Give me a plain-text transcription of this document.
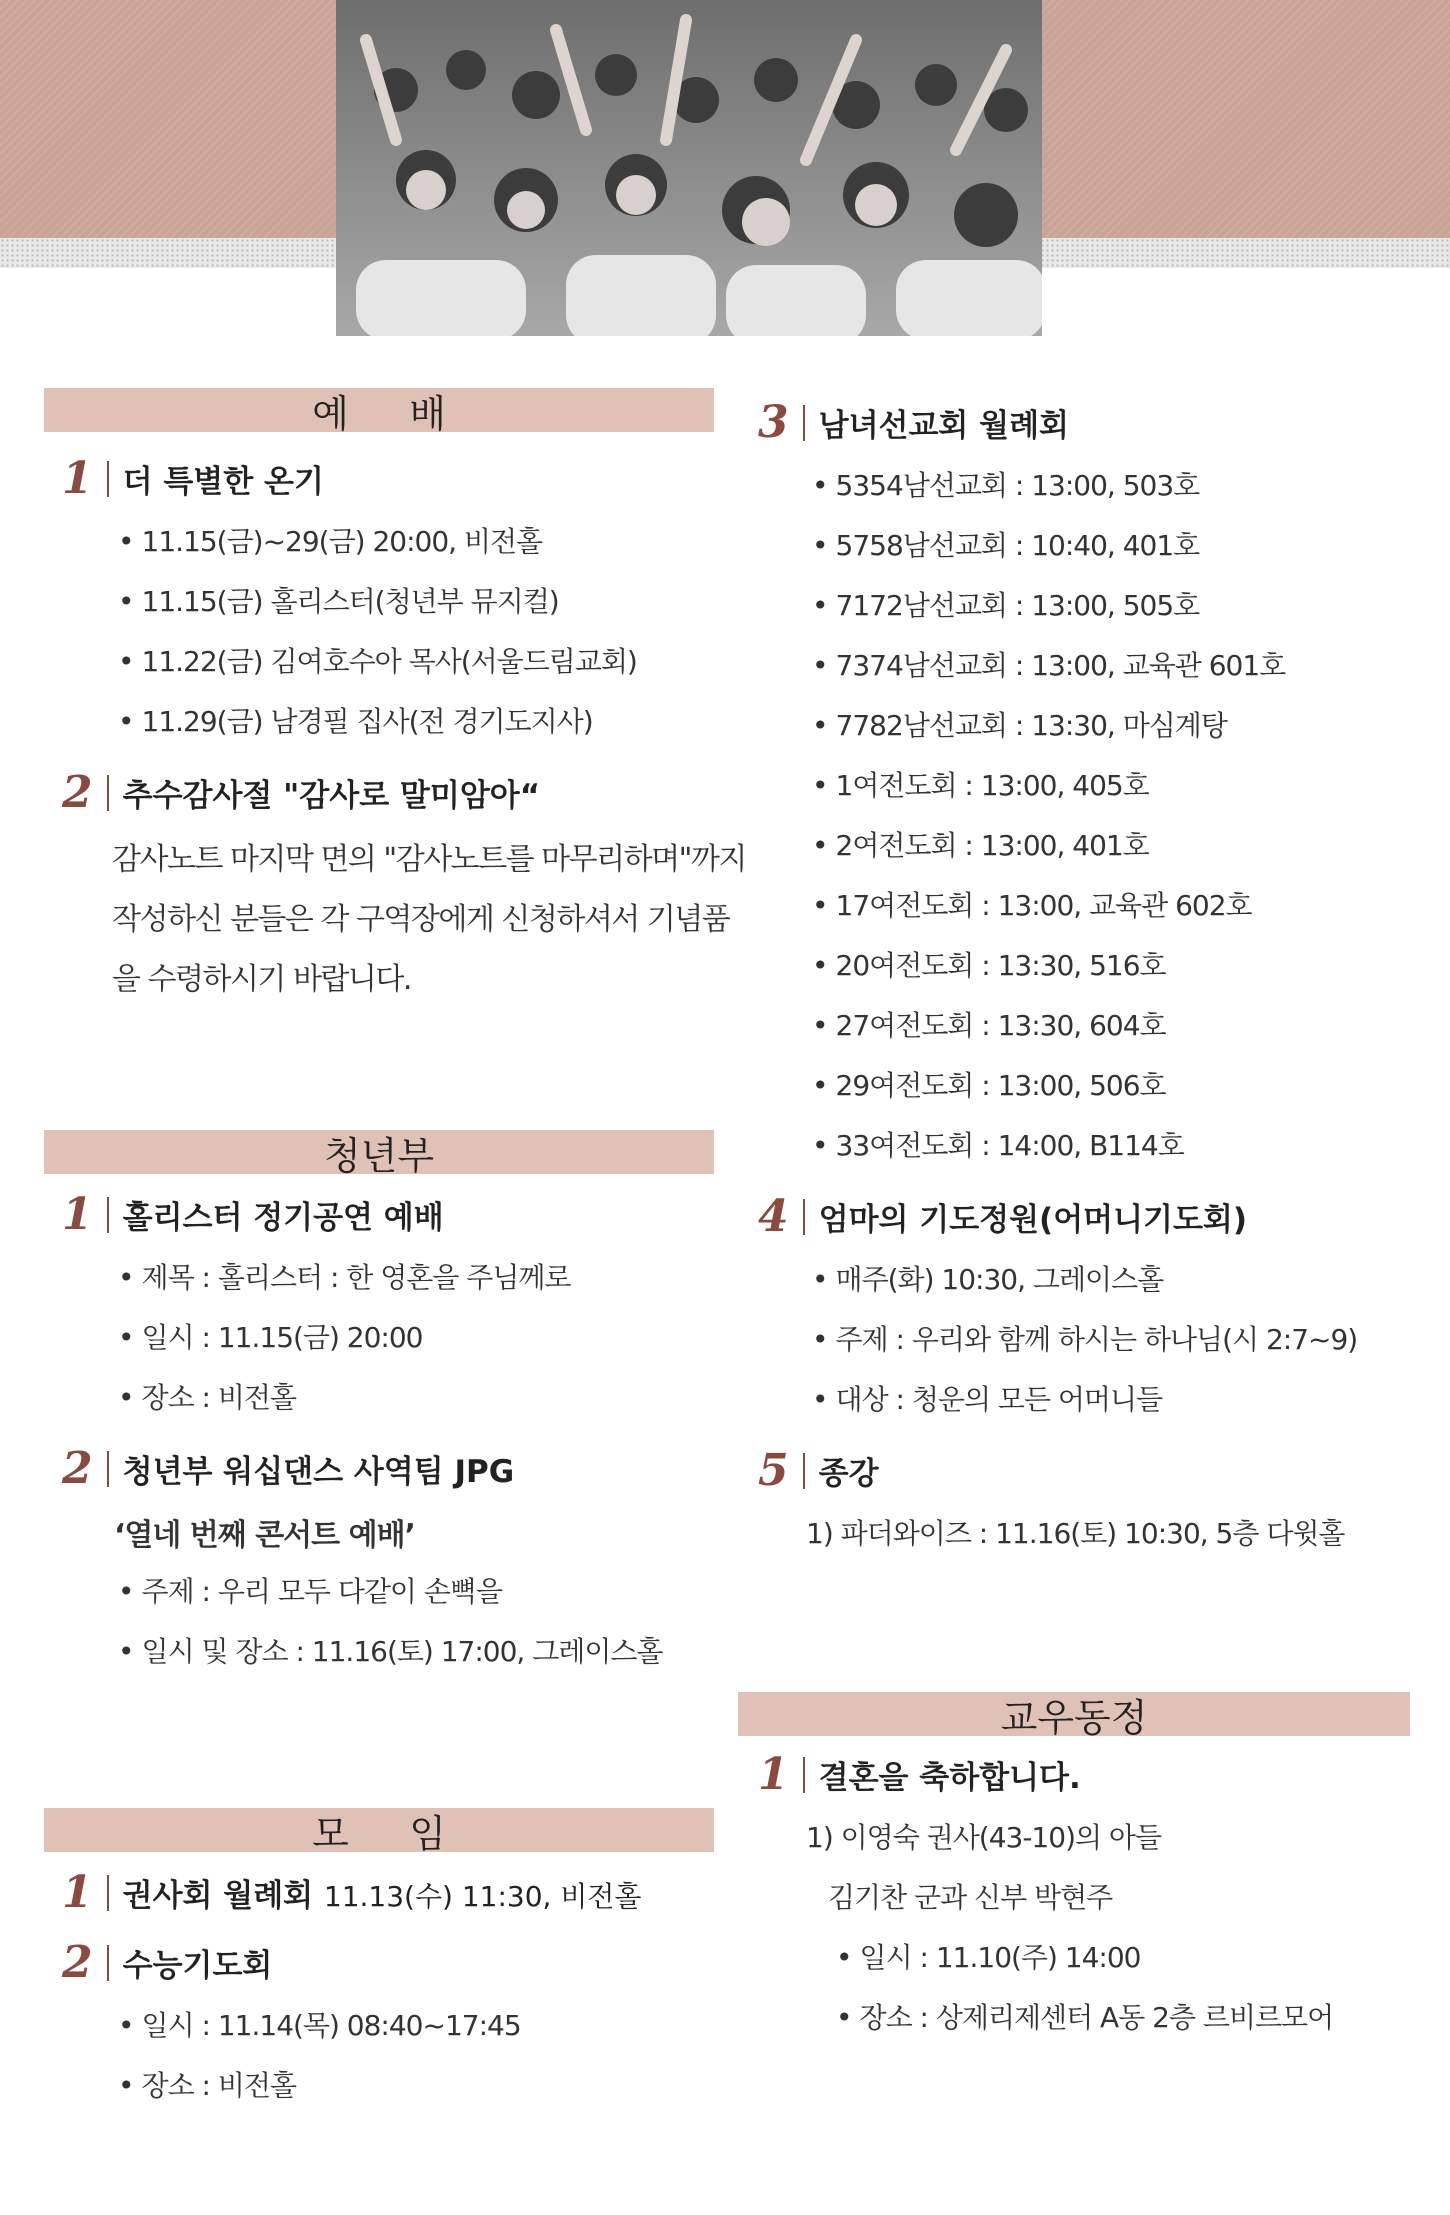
예     배
1 더 특별한 온기
• 11.15(금)~29(금) 20:00, 비전홀
• 11.15(금) 홀리스터(청년부 뮤지컬)
• 11.22(금) 김여호수아 목사(서울드림교회)
• 11.29(금) 남경필 집사(전 경기도지사)
2 추수감사절 "감사로 말미암아“
감사노트 마지막 면의 "감사노트를 마무리하며"까지
작성하신 분들은 각 구역장에게 신청하셔서 기념품
을 수령하시기 바랍니다.
청년부
1 홀리스터 정기공연 예배
• 제목 : 홀리스터 : 한 영혼을 주님께로
• 일시 : 11.15(금) 20:00
• 장소 : 비전홀
2 청년부 워십댄스 사역팀 JPG
‘열네 번째 콘서트 예배’
• 주제 : 우리 모두 다같이 손뼉을
• 일시 및 장소 : 11.16(토) 17:00, 그레이스홀
모     임
1 권사회 월례회 11.13(수) 11:30, 비전홀
2 수능기도회
• 일시 : 11.14(목) 08:40~17:45
• 장소 : 비전홀
3 남녀선교회 월례회
• 5354남선교회 : 13:00, 503호
• 5758남선교회 : 10:40, 401호
• 7172남선교회 : 13:00, 505호
• 7374남선교회 : 13:00, 교육관 601호
• 7782남선교회 : 13:30, 마심계탕
• 1여전도회 : 13:00, 405호
• 2여전도회 : 13:00, 401호
• 17여전도회 : 13:00, 교육관 602호
• 20여전도회 : 13:30, 516호
• 27여전도회 : 13:30, 604호
• 29여전도회 : 13:00, 506호
• 33여전도회 : 14:00, B114호
4 엄마의 기도정원(어머니기도회)
• 매주(화) 10:30, 그레이스홀
• 주제 : 우리와 함께 하시는 하나님(시 2:7~9)
• 대상 : 청운의 모든 어머니들
5 종강
1) 파더와이즈 : 11.16(토) 10:30, 5층 다윗홀
교우동정
1 결혼을 축하합니다.
1) 이영숙 권사(43-10)의 아들
김기찬 군과 신부 박현주
• 일시 : 11.10(주) 14:00
• 장소 : 상제리제센터 A동 2층 르비르모어
